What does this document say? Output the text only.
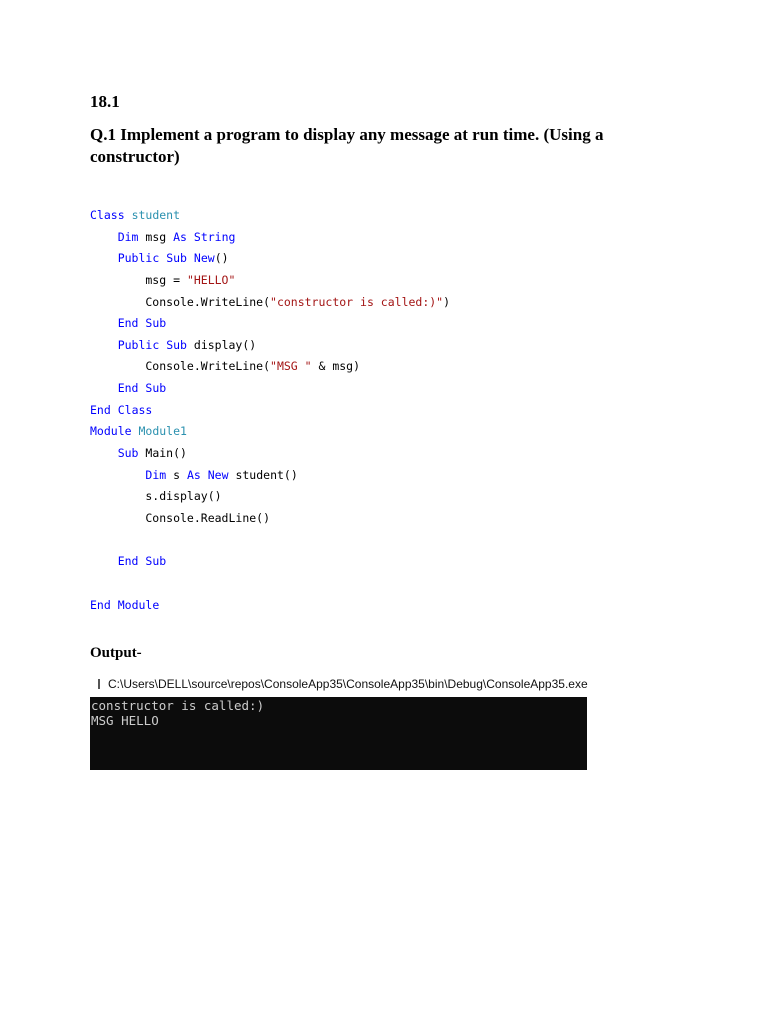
18.1
Q.1 Implement a program to display any message at run time. (Using a constructor)
Class student
Dim msg As String
Public Sub New()
msg = "HELLO"
Console.WriteLine("constructor is called:)")
End Sub
Public Sub display()
Console.WriteLine("MSG " & msg)
End Sub
End Class
Module Module1
Sub Main()
Dim s As New student()
s.display()
Console.ReadLine()

End Sub

End Module
Output-
C:\Users\DELL\source\repos\ConsoleApp35\ConsoleApp35\bin\Debug\ConsoleApp35.exe
constructor is called:)
MSG HELLO
